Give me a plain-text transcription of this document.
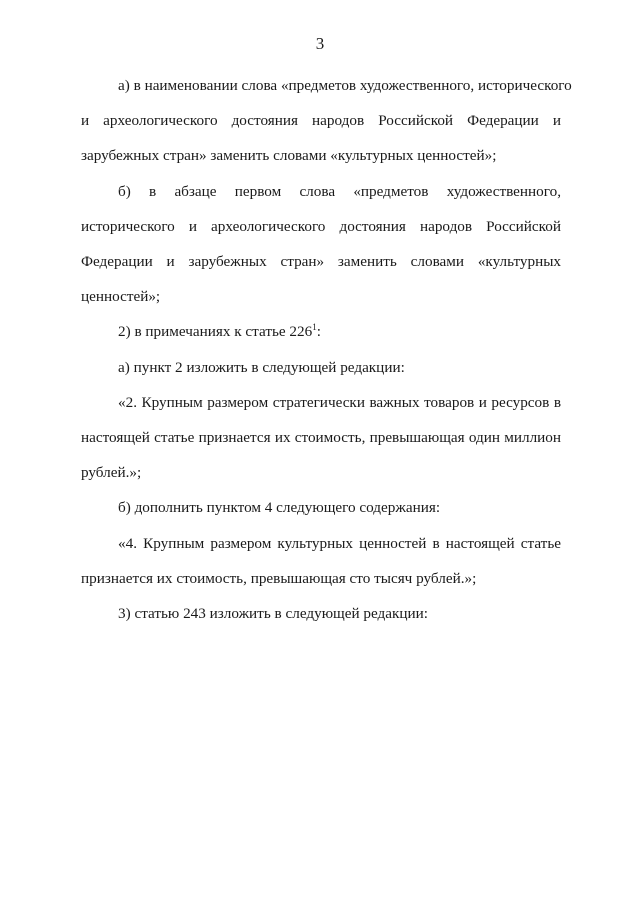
3
а) в наименовании слова «предметов художественного, исторического
и археологического достояния народов Российской Федерации и
зарубежных стран» заменить словами «культурных ценностей»;
б) в абзаце первом слова «предметов художественного,
исторического и археологического достояния народов Российской
Федерации и зарубежных стран» заменить словами «культурных
ценностей»;
2) в примечаниях к статье $226^1$:
а) пункт 2 изложить в следующей редакции:
«2. Крупным размером стратегически важных товаров и ресурсов в
настоящей статье признается их стоимость, превышающая один миллион
рублей.»;
б) дополнить пунктом 4 следующего содержания:
«4. Крупным размером культурных ценностей в настоящей статье
признается их стоимость, превышающая сто тысяч рублей.»;
3) статью 243 изложить в следующей редакции:
